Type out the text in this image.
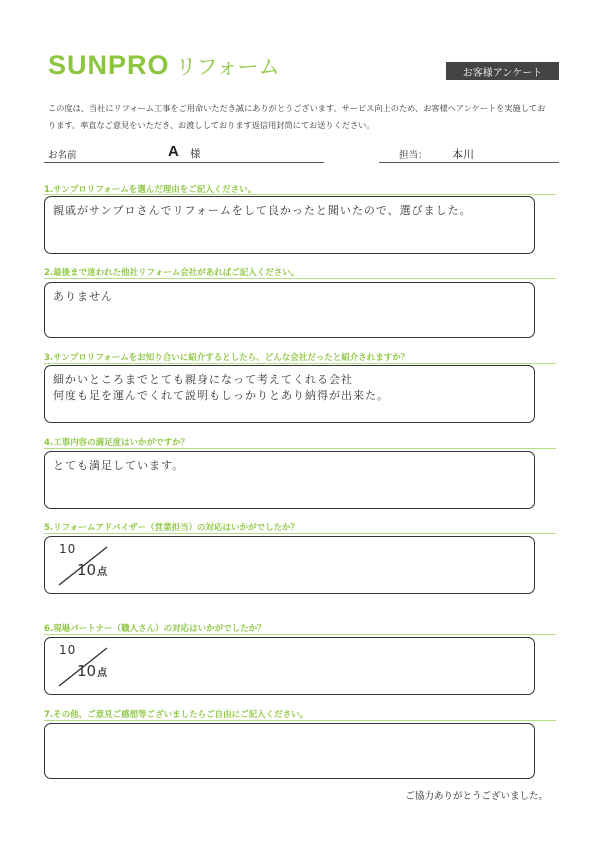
SUNPRO リフォーム	お客様アンケート
この度は、当社にリフォーム工事をご用命いただき誠にありがとうございます。サービス向上のため、お客様へアンケートを実施しております。率直なご意見をいただき、お渡ししております返信用封筒にてお送りください。
お名前	A 様	担当： 本川
1.サンプロリフォームを選んだ理由をご記入ください。
親戚がサンプロさんでリフォームをして良かったと聞いたので、選びました。
2.最後まで迷われた他社リフォーム会社があればご記入ください。
ありません
3.サンプロリフォームをお知り合いに紹介するとしたら、どんな会社だったと紹介されますか？
細かいところまでとても親身になって考えてくれる会社
何度も足を運んでくれて説明もしっかりとあり納得が出来た。
4.工事内容の満足度はいかがですか？
とても満足しています。
5.リフォームアドバイザー（営業担当）の対応はいかがでしたか？
10
10点
6.現場パートナー（職人さん）の対応はいかがでしたか？
10
10点
7.その他、ご意見ご感想等ございましたらご自由にご記入ください。
ご協力ありがとうございました。
